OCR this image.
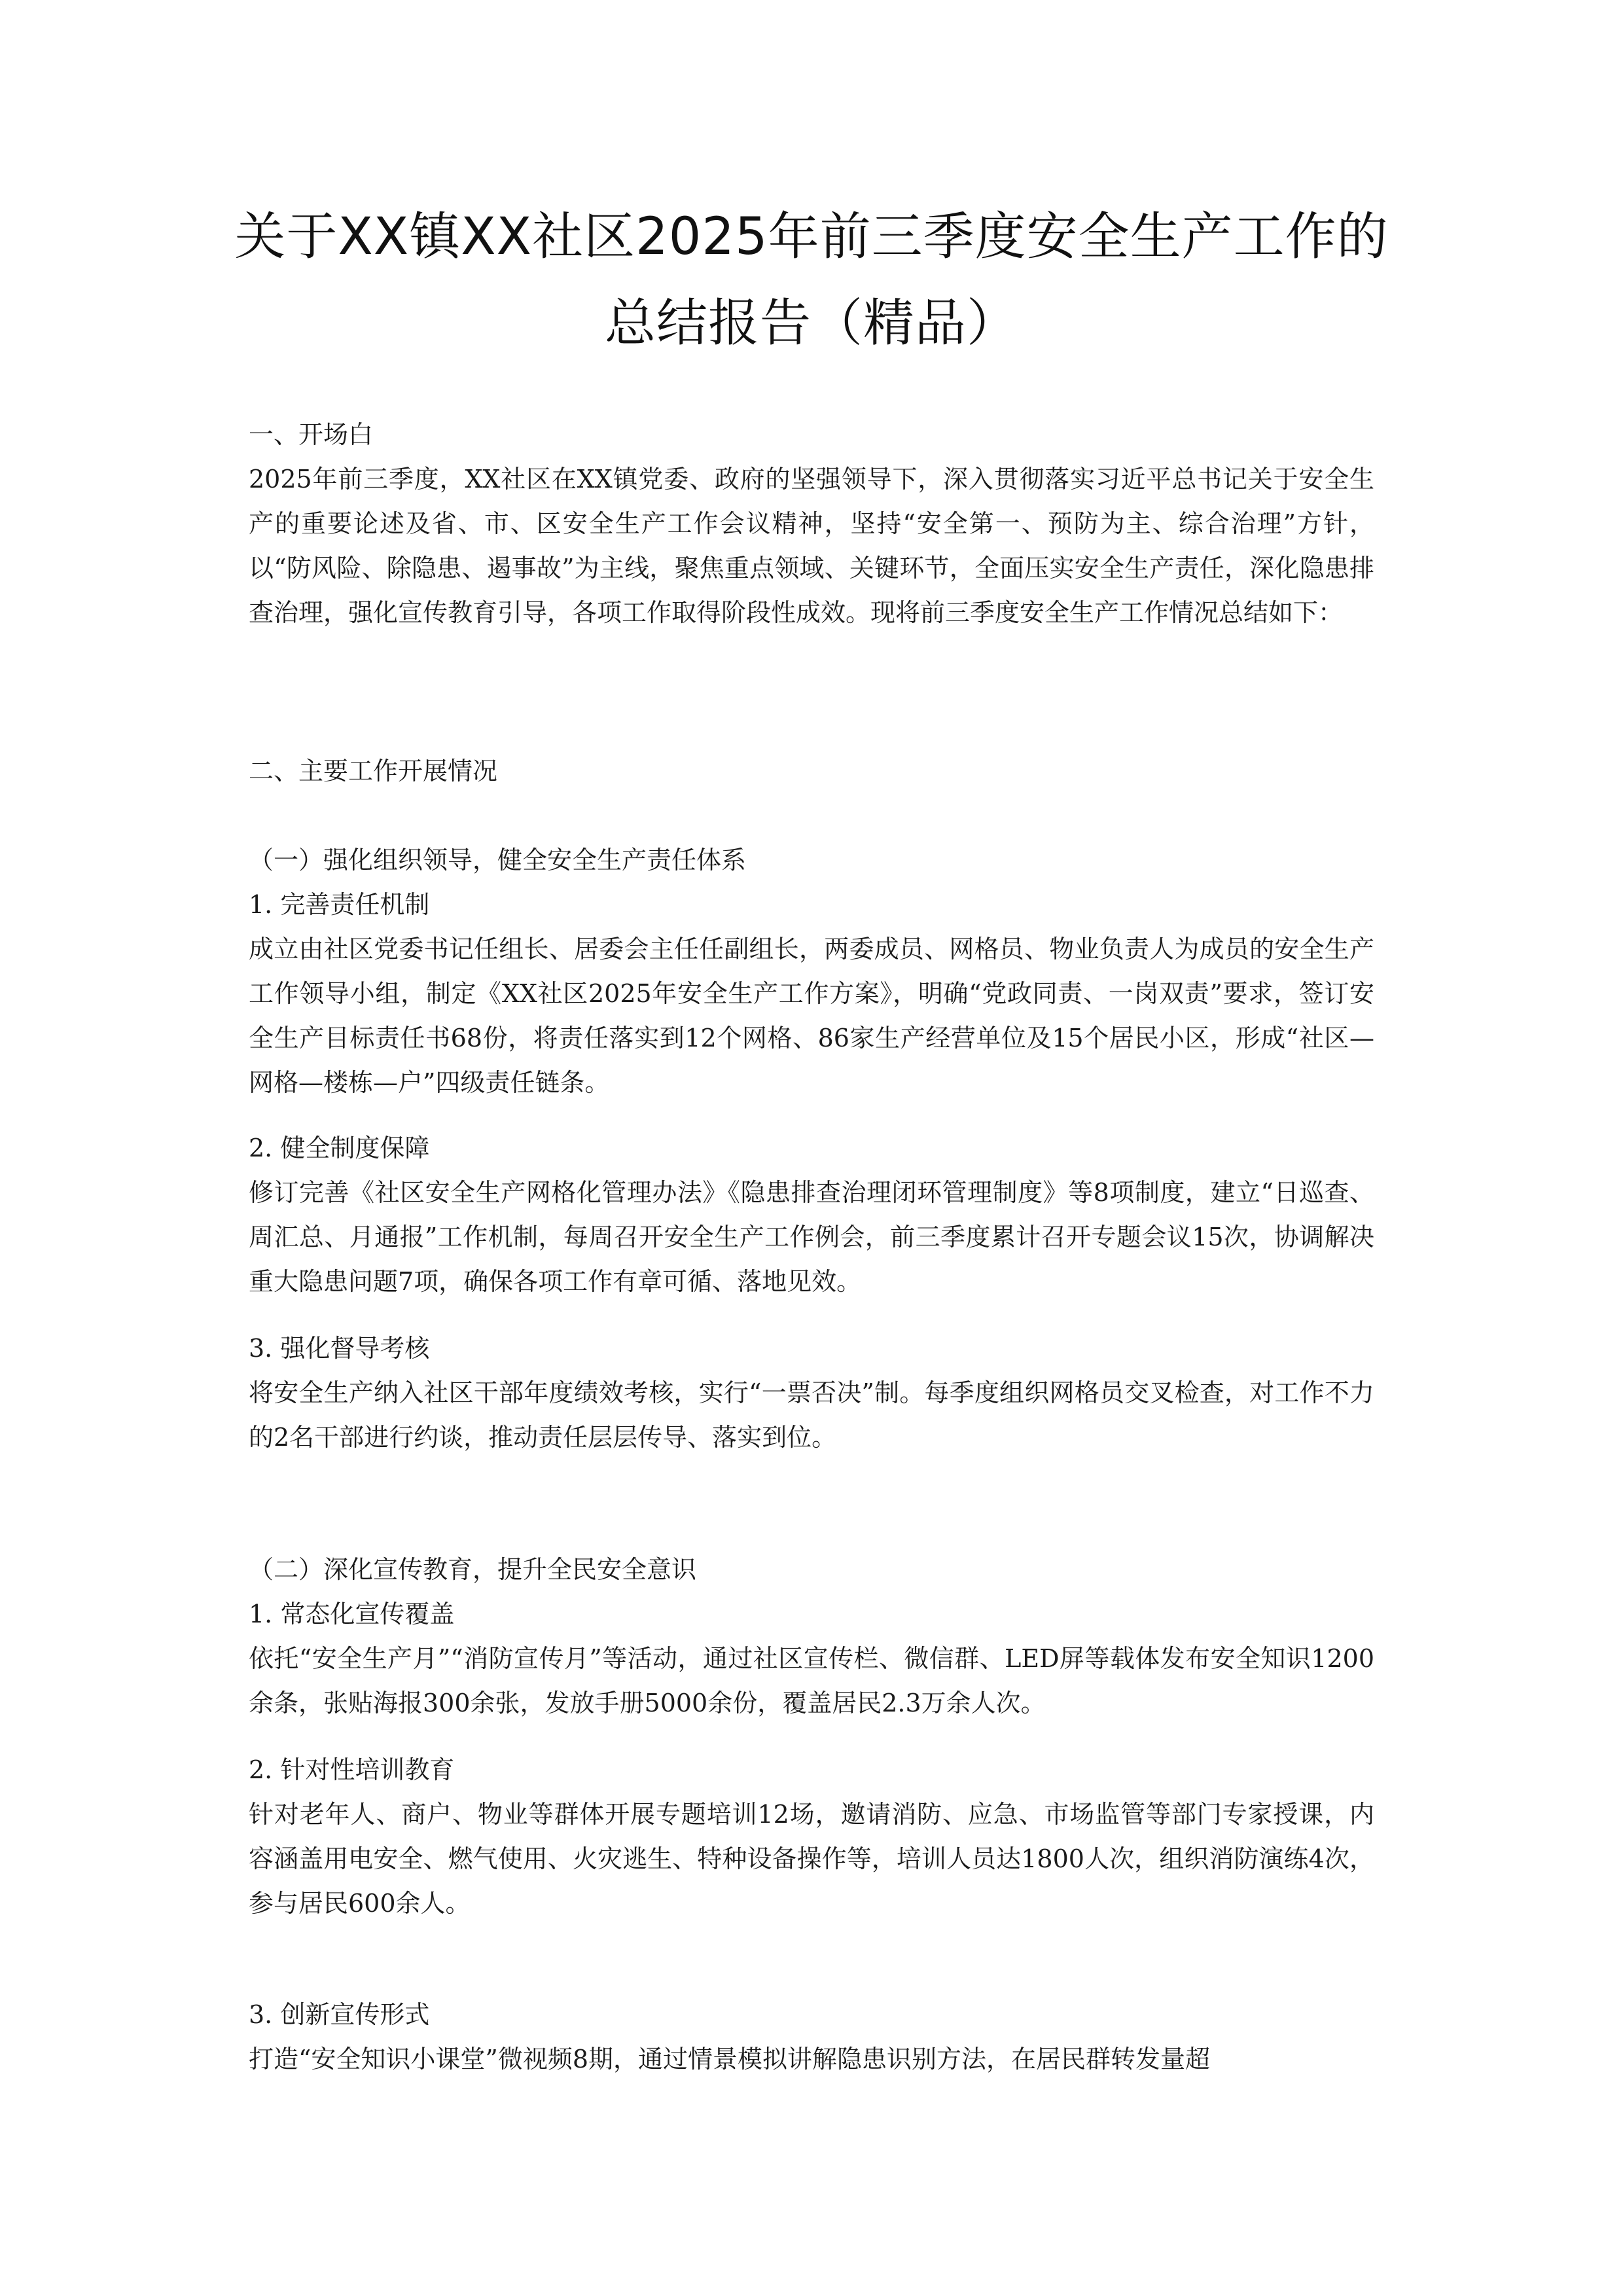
关于XX镇XX社区2025年前三季度安全生产工作的
总结报告（精品）

一、开场白

2025年前三季度，XX社区在XX镇党委、政府的坚强领导下，深入贯彻落实习近平总书记关于安全生产的重要论述及省、市、区安全生产工作会议精神，坚持“安全第一、预防为主、综合治理”方针，以“防风险、除隐患、遏事故”为主线，聚焦重点领域、关键环节，全面压实安全生产责任，深化隐患排查治理，强化宣传教育引导，各项工作取得阶段性成效。现将前三季度安全生产工作情况总结如下：

二、主要工作开展情况

（一）强化组织领导，健全安全生产责任体系

1. 完善责任机制

成立由社区党委书记任组长、居委会主任任副组长，两委成员、网格员、物业负责人为成员的安全生产工作领导小组，制定《XX社区2025年安全生产工作方案》，明确“党政同责、一岗双责”要求，签订安全生产目标责任书68份，将责任落实到12个网格、86家生产经营单位及15个居民小区，形成“社区—网格—楼栋—户”四级责任链条。

2. 健全制度保障

修订完善《社区安全生产网格化管理办法》《隐患排查治理闭环管理制度》等8项制度，建立“日巡查、周汇总、月通报”工作机制，每周召开安全生产工作例会，前三季度累计召开专题会议15次，协调解决重大隐患问题7项，确保各项工作有章可循、落地见效。

3. 强化督导考核

将安全生产纳入社区干部年度绩效考核，实行“一票否决”制。每季度组织网格员交叉检查，对工作不力的2名干部进行约谈，推动责任层层传导、落实到位。

（二）深化宣传教育，提升全民安全意识

1. 常态化宣传覆盖

依托“安全生产月”“消防宣传月”等活动，通过社区宣传栏、微信群、LED屏等载体发布安全知识1200余条，张贴海报300余张，发放手册5000余份，覆盖居民2.3万余人次。

2. 针对性培训教育

针对老年人、商户、物业等群体开展专题培训12场，邀请消防、应急、市场监管等部门专家授课，内容涵盖用电安全、燃气使用、火灾逃生、特种设备操作等，培训人员达1800人次，组织消防演练4次，参与居民600余人。

3. 创新宣传形式

打造“安全知识小课堂”微视频8期，通过情景模拟讲解隐患识别方法，在居民群转发量超
